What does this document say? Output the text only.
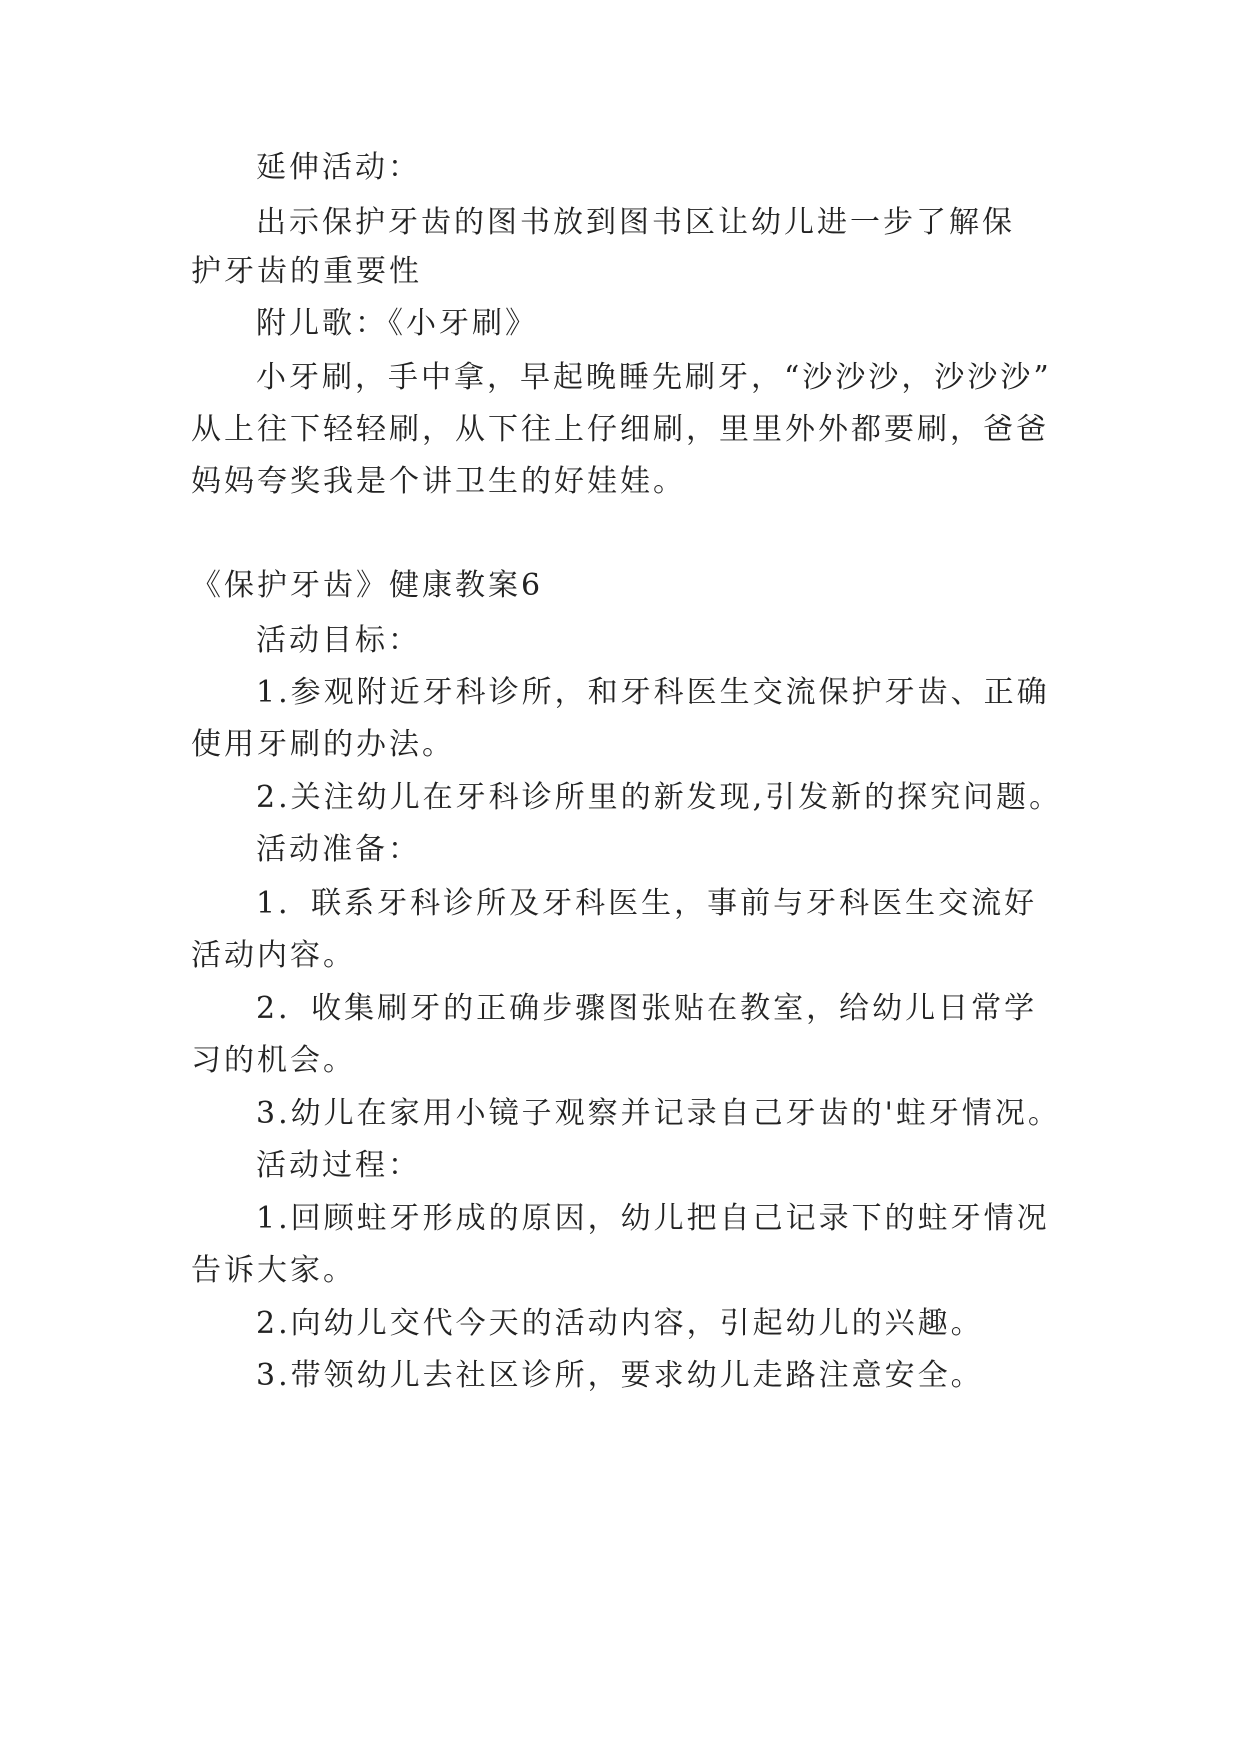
延伸活动：
出示保护牙齿的图书放到图书区让幼儿进一步了解保
护牙齿的重要性
附儿歌：《小牙刷》
小牙刷，手中拿，早起晚睡先刷牙，“沙沙沙，沙沙沙”
从上往下轻轻刷，从下往上仔细刷，里里外外都要刷，爸爸
妈妈夸奖我是个讲卫生的好娃娃。
《保护牙齿》健康教案6
活动目标：
1.参观附近牙科诊所，和牙科医生交流保护牙齿、正确
使用牙刷的办法。
2.关注幼儿在牙科诊所里的新发现,引发新的探究问题。
活动准备：
1．联系牙科诊所及牙科医生，事前与牙科医生交流好
活动内容。
2．收集刷牙的正确步骤图张贴在教室，给幼儿日常学
习的机会。
3.幼儿在家用小镜子观察并记录自己牙齿的'蛀牙情况。
活动过程：
1.回顾蛀牙形成的原因，幼儿把自己记录下的蛀牙情况
告诉大家。
2.向幼儿交代今天的活动内容，引起幼儿的兴趣。
3.带领幼儿去社区诊所，要求幼儿走路注意安全。
